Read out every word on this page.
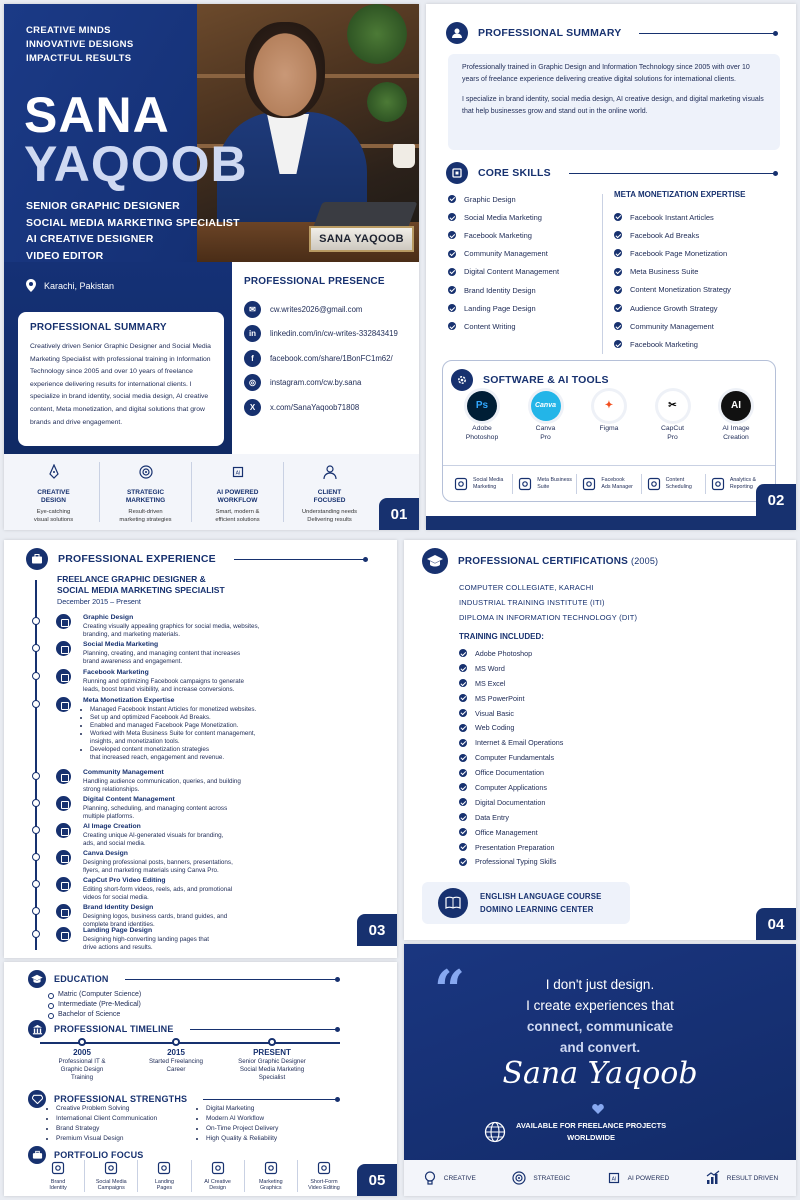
SANA YAQOOB
CREATIVE MINDS
INNOVATIVE DESIGNS
IMPACTFUL RESULTS
SANA
YAQOOB
SENIOR GRAPHIC DESIGNER
SOCIAL MEDIA MARKETING SPECIALIST
AI CREATIVE DESIGNER
VIDEO EDITOR
Karachi, Pakistan
PROFESSIONAL SUMMARY

Creatively driven Senior Graphic Designer and Social Media Marketing Specialist with professional training in Information Technology since 2005 and over 10 years of freelance experience delivering results for international clients. I specialize in brand identity, social media design, AI creative content, Meta monetization, and digital solutions that grow brands and drive engagement.

PROFESSIONAL PRESENCE
✉	cw.writes2026@gmail.com
in	linkedin.com/in/cw-writes-332843419
f	facebook.com/share/1BonFC1m62/
◎	instagram.com/cw.by.sana
X	x.com/SanaYaqoob71808
CREATIVE
DESIGN
Eye-catching
visual solutions
STRATEGIC
MARKETING
Result-driven
marketing strategies
AI
AI POWERED
WORKFLOW
Smart, modern &
efficient solutions
CLIENT
FOCUSED
Understanding needs
Delivering results	01
PROFESSIONAL SUMMARY

Professionally trained in Graphic Design and Information Technology since 2005 with over 10 years of freelance experience delivering creative digital solutions for international clients.

I specialize in brand identity, social media design, AI creative design, and digital marketing visuals that help businesses grow and stand out in the online world.

CORE SKILLS
Graphic Design
Social Media Marketing
Facebook Marketing
Community Management
Digital Content Management
Brand Identity Design
Landing Page Design
Content Writing
META MONETIZATION EXPERTISE
Facebook Instant Articles
Facebook Ad Breaks
Facebook Page Monetization
Meta Business Suite
Content Monetization Strategy
Audience Growth Strategy
Community Management
Facebook Marketing
SOFTWARE & AI TOOLS
Ps
Adobe
Photoshop
Canva
Canva
Pro
✦
Figma
✂
CapCut
Pro
AI
AI Image
Creation
Social Media
Marketing
Meta Business
Suite
Facebook
Ads Manager
Content
Scheduling
Analytics &
Reporting
02
PROFESSIONAL EXPERIENCE
FREELANCE GRAPHIC DESIGNER &
SOCIAL MEDIA MARKETING SPECIALIST
December 2015 – Present
Graphic Design
Creating visually appealing graphics for social media, websites,
branding, and marketing materials.
Social Media Marketing
Planning, creating, and managing content that increases
brand awareness and engagement.
Facebook Marketing
Running and optimizing Facebook campaigns to generate
leads, boost brand visibility, and increase conversions.
Meta Monetization Expertise
• Managed Facebook Instant Articles for monetized websites.
• Set up and optimized Facebook Ad Breaks.
• Enabled and managed Facebook Page Monetization.
• Worked with Meta Business Suite for content management,
insights, and monetization tools.
• Developed content monetization strategies
that increased reach, engagement and revenue.
Community Management
Handling audience communication, queries, and building
strong relationships.
Digital Content Management
Planning, scheduling, and managing content across
multiple platforms.
AI Image Creation
Creating unique AI-generated visuals for branding,
ads, and social media.
Canva Design
Designing professional posts, banners, presentations,
flyers, and marketing materials using Canva Pro.
CapCut Pro Video Editing
Editing short-form videos, reels, ads, and promotional
videos for social media.
Brand Identity Design
Designing logos, business cards, brand guides, and
complete brand identities.
Landing Page Design
Designing high-converting landing pages that
drive actions and results.
03
PROFESSIONAL CERTIFICATIONS (2005)
COMPUTER COLLEGIATE, KARACHI
INDUSTRIAL TRAINING INSTITUTE (ITI)
DIPLOMA IN INFORMATION TECHNOLOGY (DIT)
TRAINING INCLUDED:
Adobe Photoshop
MS Word
MS Excel
MS PowerPoint
Visual Basic
Web Coding
Internet & Email Operations
Computer Fundamentals
Office Documentation
Computer Applications
Digital Documentation
Data Entry
Office Management
Presentation Preparation
Professional Typing Skills
ENGLISH LANGUAGE COURSE
DOMINO LEARNING CENTER
04
EDUCATION
Matric (Computer Science)
Intermediate (Pre-Medical)
Bachelor of Science
PROFESSIONAL TIMELINE
2005
Professional IT &
Graphic Design
Training
2015
Started Freelancing
Career
PRESENT
Senior Graphic Designer
Social Media Marketing
Specialist
PROFESSIONAL STRENGTHS
• Creative Problem Solving
• International Client Communication
• Brand Strategy
• Premium Visual Design
• Digital Marketing
• Modern AI Workflow
• On-Time Project Delivery
• High Quality & Reliability
PORTFOLIO FOCUS
Brand
Identity
Social Media
Campaigns
Landing
Pages
AI Creative
Design
Marketing
Graphics
Short-Form
Video Editing	05
“	I don't just design.
I create experiences that
connect, communicate
and convert.
Sana Yaqoob
AVAILABLE FOR FREELANCE PROJECTS
WORLDWIDE
CREATIVE	STRATEGIC	AI AI POWERED	RESULT DRIVEN
